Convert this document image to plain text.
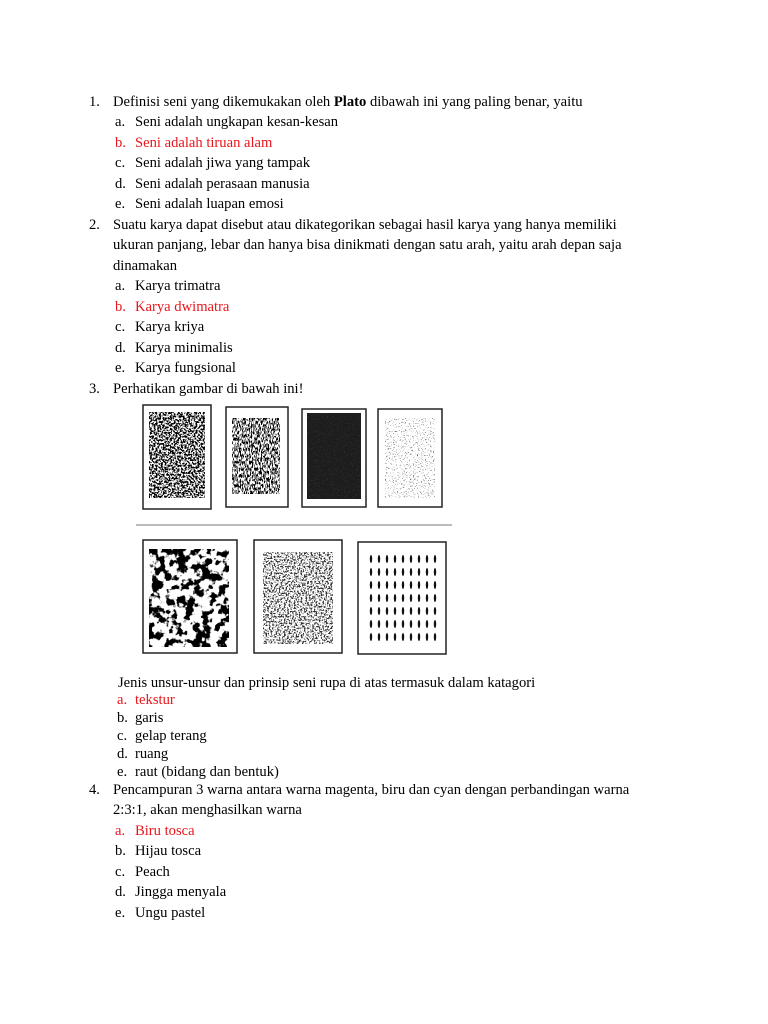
1. Definisi seni yang dikemukakan oleh Plato dibawah ini yang paling benar, yaitu
a. Seni adalah ungkapan kesan-kesan
b. Seni adalah tiruan alam
c. Seni adalah jiwa yang tampak
d. Seni adalah perasaan manusia
e. Seni adalah luapan emosi
2. Suatu karya dapat disebut atau dikategorikan sebagai hasil karya yang hanya memiliki
ukuran panjang, lebar dan hanya bisa dinikmati dengan satu arah, yaitu arah depan saja
dinamakan
a. Karya trimatra
b. Karya dwimatra
c. Karya kriya
d. Karya minimalis
e. Karya fungsional
3. Perhatikan gambar di bawah ini!
Jenis unsur-unsur dan prinsip seni rupa di atas termasuk dalam katagori
a. tekstur
b. garis
c. gelap terang
d. ruang
e. raut (bidang dan bentuk)
4. Pencampuran 3 warna antara warna magenta, biru dan cyan dengan perbandingan warna
2:3:1, akan menghasilkan warna
a. Biru tosca
b. Hijau tosca
c. Peach
d. Jingga menyala
e. Ungu pastel
